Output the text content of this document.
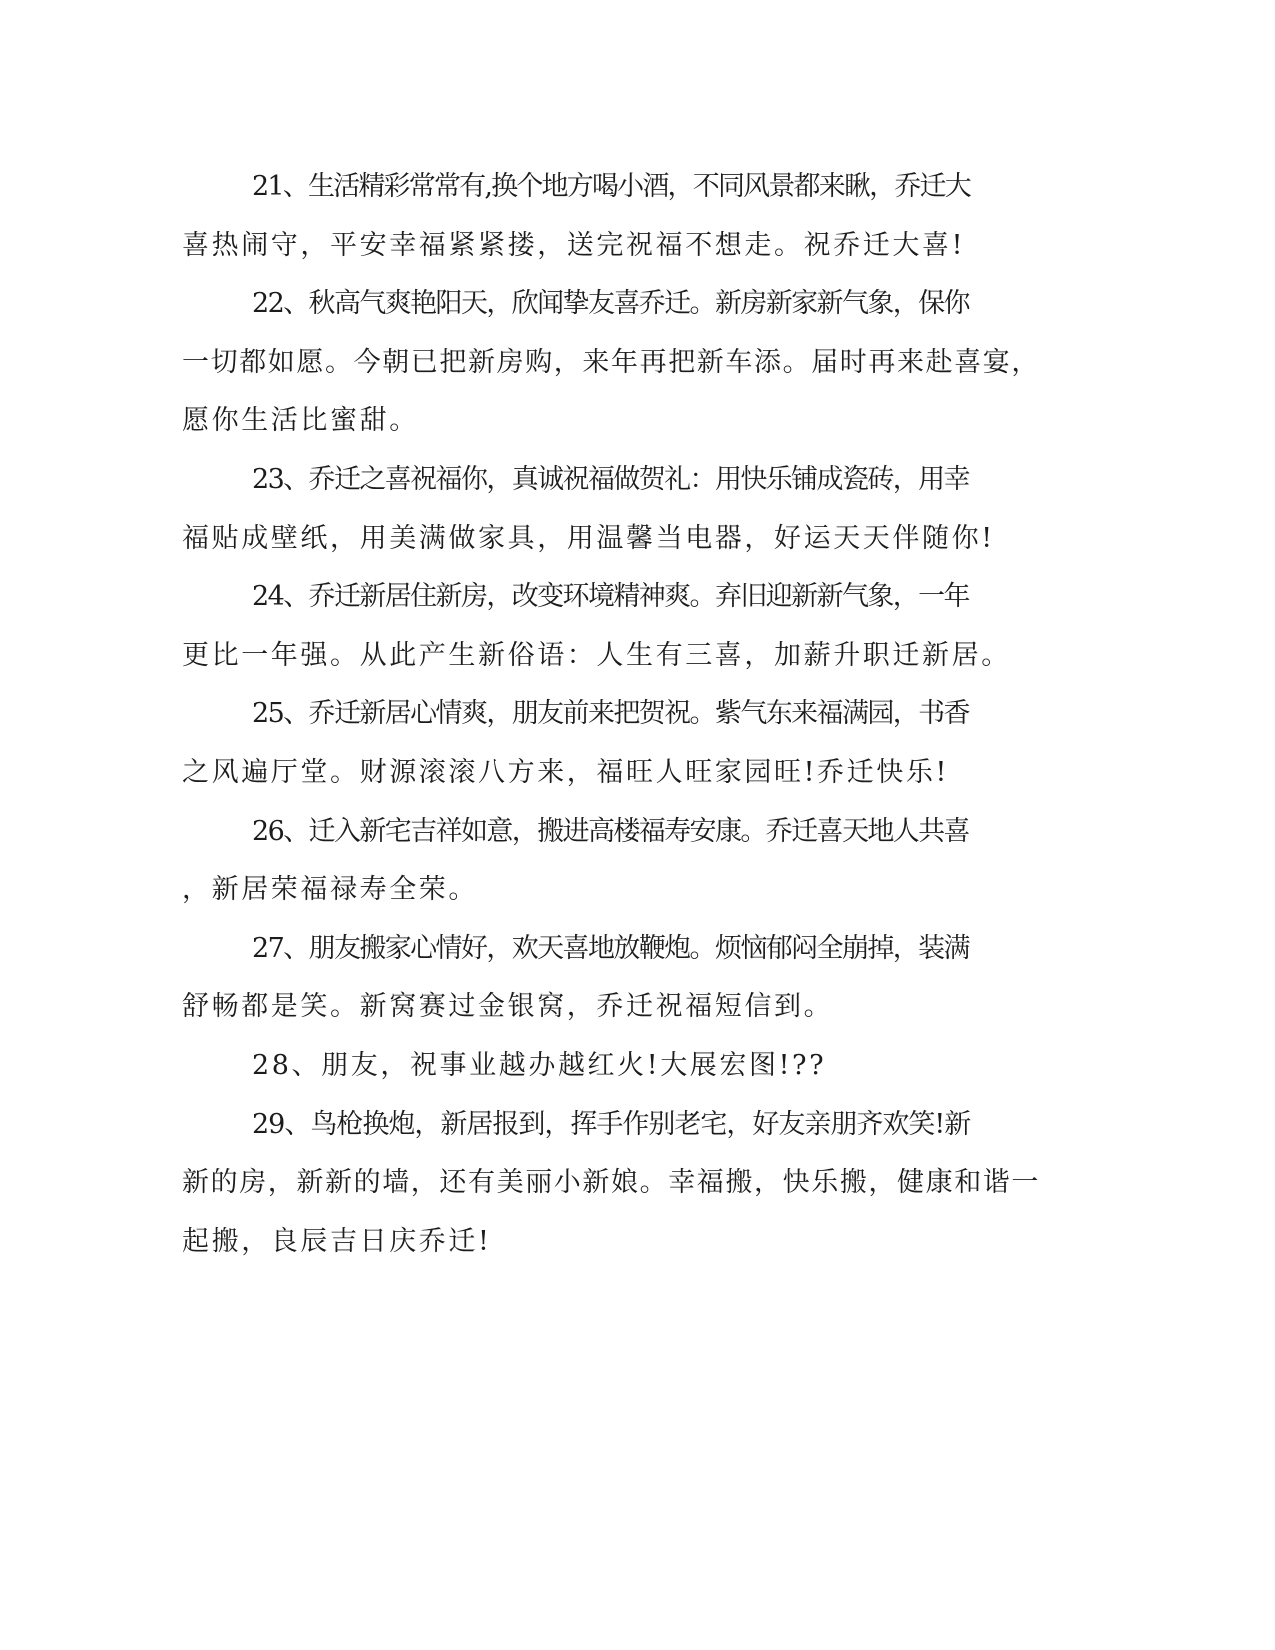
21、生活精彩常常有,换个地方喝小酒，不同风景都来瞅，乔迁大
喜热闹守，平安幸福紧紧搂，送完祝福不想走。祝乔迁大喜!

22、秋高气爽艳阳天，欣闻挚友喜乔迁。新房新家新气象，保你
一切都如愿。今朝已把新房购，来年再把新车添。届时再来赴喜宴，
愿你生活比蜜甜。

23、乔迁之喜祝福你，真诚祝福做贺礼：用快乐铺成瓷砖，用幸
福贴成壁纸，用美满做家具，用温馨当电器，好运天天伴随你!

24、乔迁新居住新房，改变环境精神爽。弃旧迎新新气象，一年
更比一年强。从此产生新俗语：人生有三喜，加薪升职迁新居。

25、乔迁新居心情爽，朋友前来把贺祝。紫气东来福满园，书香
之风遍厅堂。财源滚滚八方来，福旺人旺家园旺!乔迁快乐!

26、迁入新宅吉祥如意，搬进高楼福寿安康。乔迁喜天地人共喜
，新居荣福禄寿全荣。

27、朋友搬家心情好，欢天喜地放鞭炮。烦恼郁闷全崩掉，装满
舒畅都是笑。新窝赛过金银窝，乔迁祝福短信到。

28、朋友，祝事业越办越红火!大展宏图!??

29、鸟枪换炮，新居报到，挥手作别老宅，好友亲朋齐欢笑!新
新的房，新新的墙，还有美丽小新娘。幸福搬，快乐搬，健康和谐一
起搬，良辰吉日庆乔迁!
